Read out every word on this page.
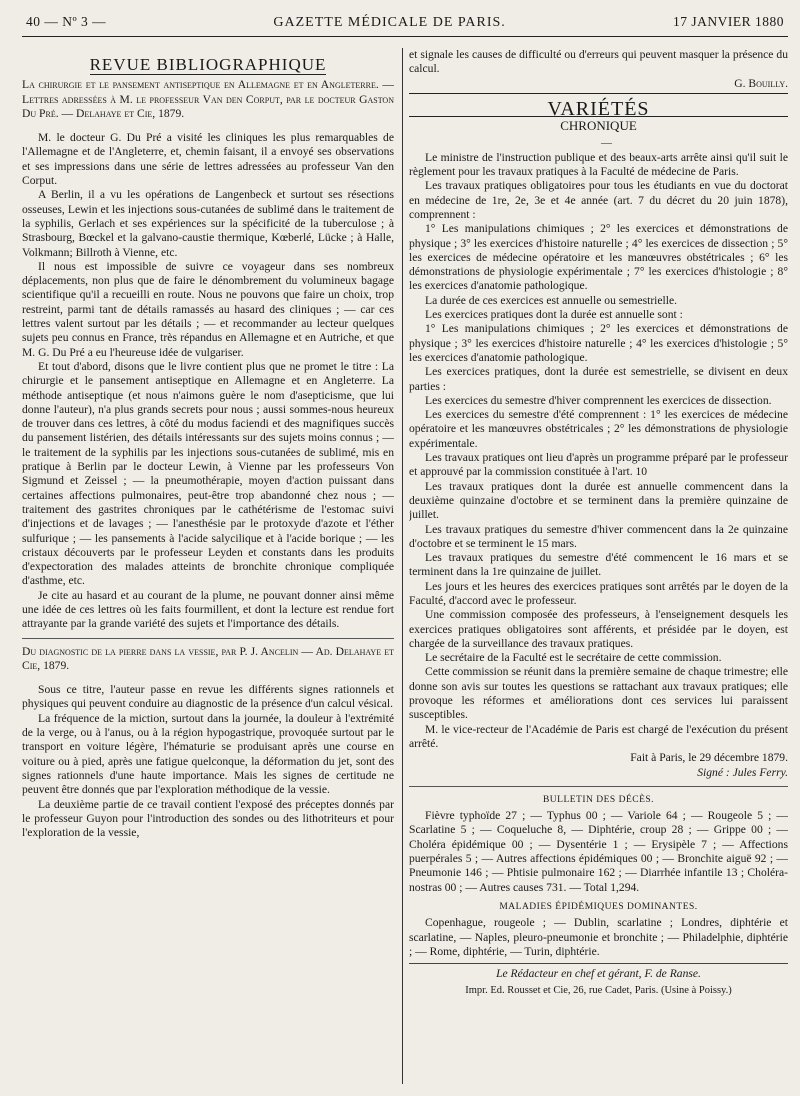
40 — Nº 3 —	GAZETTE MÉDICALE DE PARIS.	17 JANVIER 1880
REVUE BIBLIOGRAPHIQUE

La chirurgie et le pansement antiseptique en Allemagne et en Angleterre. — Lettres adressées à M. le professeur Van den Corput, par le docteur Gaston Du Pré. — Delahaye et Cie, 1879.

M. le docteur G. Du Pré a visité les cliniques les plus remarquables de l'Allemagne et de l'Angleterre, et, chemin faisant, il a envoyé ses observations et ses impressions dans une série de lettres adressées au professeur Van den Corput.

A Berlin, il a vu les opérations de Langenbeck et surtout ses résections osseuses, Lewin et les injections sous-cutanées de sublimé dans le traitement de la syphilis, Gerlach et ses expériences sur la spécificité de la tuberculose ; à Strasbourg, Bœckel et la galvano-caustie thermique, Kœberlé, Lücke ; à Halle, Volkmann; Billroth à Vienne, etc.

Il nous est impossible de suivre ce voyageur dans ses nombreux déplacements, non plus que de faire le dénombrement du volumineux bagage scientifique qu'il a recueilli en route. Nous ne pouvons que faire un choix, trop restreint, parmi tant de détails ramassés au hasard des cliniques ; — car ces lettres valent surtout par les détails ; — et recommander au lecteur quelques sujets peu connus en France, très répandus en Allemagne et en Autriche, et que M. G. Du Pré a eu l'heureuse idée de vulgariser.

Et tout d'abord, disons que le livre contient plus que ne promet le titre : La chirurgie et le pansement antiseptique en Allemagne et en Angleterre. La méthode antiseptique (et nous n'aimons guère le nom d'asepticisme, que lui donne l'auteur), n'a plus grands secrets pour nous ; aussi sommes-nous heureux de trouver dans ces lettres, à côté du modus faciendi et des magnifiques succès du pansement listérien, des détails intéressants sur des sujets moins connus ; — le traitement de la syphilis par les injections sous-cutanées de sublimé, mis en pratique à Berlin par le docteur Lewin, à Vienne par les professeurs Von Sigmund et Zeissel ; — la pneumothérapie, moyen d'action puissant dans certaines affections pulmonaires, peut-être trop abandonné chez nous ; — traitement des gastrites chroniques par le cathétérisme de l'estomac suivi d'injections et de lavages ; — l'anesthésie par le protoxyde d'azote et l'éther sulfurique ; — les pansements à l'acide salycilique et à l'acide borique ; — les cristaux découverts par le professeur Leyden et constants dans les produits d'expectoration des malades atteints de bronchite chronique compliquée d'asthme, etc.

Je cite au hasard et au courant de la plume, ne pouvant donner ainsi même une idée de ces lettres où les faits fourmillent, et dont la lecture est rendue fort attrayante par la grande variété des sujets et l'importance des détails.

Du diagnostic de la pierre dans la vessie, par P. J. Ancelin — Ad. Delahaye et Cie, 1879.

Sous ce titre, l'auteur passe en revue les différents signes rationnels et physiques qui peuvent conduire au diagnostic de la présence d'un calcul vésical.

La fréquence de la miction, surtout dans la journée, la douleur à l'extrémité de la verge, ou à l'anus, ou à la région hypogastrique, provoquée surtout par le transport en voiture légère, l'hématurie se produisant après une course en voiture ou à pied, après une fatigue quelconque, la déformation du jet, sont des signes rationnels d'une haute importance. Mais les signes de certitude ne peuvent être donnés que par l'exploration méthodique de la vessie.

La deuxième partie de ce travail contient l'exposé des préceptes donnés par le professeur Guyon pour l'introduction des sondes ou des lithotriteurs et pour l'exploration de la vessie,

et signale les causes de difficulté ou d'erreurs qui peuvent masquer la présence du calcul.

G. Bouilly.

VARIÉTÉS
CHRONIQUE

—

Le ministre de l'instruction publique et des beaux-arts arrête ainsi qu'il suit le règlement pour les travaux pratiques à la Faculté de médecine de Paris.

Les travaux pratiques obligatoires pour tous les étudiants en vue du doctorat en médecine de 1re, 2e, 3e et 4e année (art. 7 du décret du 20 juin 1878), comprennent :

1° Les manipulations chimiques ; 2° les exercices et démonstrations de physique ; 3° les exercices d'histoire naturelle ; 4° les exercices de dissection ; 5° les exercices de médecine opératoire et les manœuvres obstétricales ; 6° les démonstrations de physiologie expérimentale ; 7° les exercices d'histologie ; 8° les exercices d'anatomie pathologique.

La durée de ces exercices est annuelle ou semestrielle.

Les exercices pratiques dont la durée est annuelle sont :

1° Les manipulations chimiques ; 2° les exercices et démonstrations de physique ; 3° les exercices d'histoire naturelle ; 4° les exercices d'histologie ; 5° les exercices d'anatomie pathologique.

Les exercices pratiques, dont la durée est semestrielle, se divisent en deux parties :

Les exercices du semestre d'hiver comprennent les exercices de dissection.

Les exercices du semestre d'été comprennent : 1° les exercices de médecine opératoire et les manœuvres obstétricales ; 2° les démonstrations de physiologie expérimentale.

Les travaux pratiques ont lieu d'après un programme préparé par le professeur et approuvé par la commission constituée à l'art. 10

Les travaux pratiques dont la durée est annuelle commencent dans la deuxième quinzaine d'octobre et se terminent dans la première quinzaine de juillet.

Les travaux pratiques du semestre d'hiver commencent dans la 2e quinzaine d'octobre et se terminent le 15 mars.

Les travaux pratiques du semestre d'été commencent le 16 mars et se terminent dans la 1re quinzaine de juillet.

Les jours et les heures des exercices pratiques sont arrêtés par le doyen de la Faculté, d'accord avec le professeur.

Une commission composée des professeurs, à l'enseignement desquels les exercices pratiques obligatoires sont afférents, et présidée par le doyen, est chargée de la surveillance des travaux pratiques.

Le secrétaire de la Faculté est le secrétaire de cette commission.

Cette commission se réunit dans la première semaine de chaque trimestre; elle donne son avis sur toutes les questions se rattachant aux travaux pratiques; elle provoque les réformes et améliorations dont ces services lui paraissent susceptibles.

M. le vice-recteur de l'Académie de Paris est chargé de l'exécution du présent arrêté.

Fait à Paris, le 29 décembre 1879.

Signé : Jules Ferry.

BULLETIN DES DÉCÈS.

Fièvre typhoïde 27 ; — Typhus 00 ; — Variole 64 ; — Rougeole 5 ; — Scarlatine 5 ; — Coqueluche 8, — Diphtérie, croup 28 ; — Grippe 00 ; — Choléra épidémique 00 ; — Dysentérie 1 ; — Erysipèle 7 ; — Affections puerpérales 5 ; — Autres affections épidémiques 00 ; — Bronchite aiguë 92 ; — Pneumonie 146 ; — Phtisie pulmonaire 162 ; — Diarrhée infantile 13 ; Choléra-nostras 00 ; — Autres causes 731. — Total 1,294.

MALADIES ÉPIDÉMIQUES DOMINANTES.

Copenhague, rougeole ; — Dublin, scarlatine ; Londres, diphtérie et scarlatine, — Naples, pleuro-pneumonie et bronchite ; — Philadelphie, diphtérie ; — Rome, diphtérie, — Turin, diphtérie.

Le Rédacteur en chef et gérant, F. de Ranse.
Impr. Ed. Rousset et Cie, 26, rue Cadet, Paris. (Usine à Poissy.)
